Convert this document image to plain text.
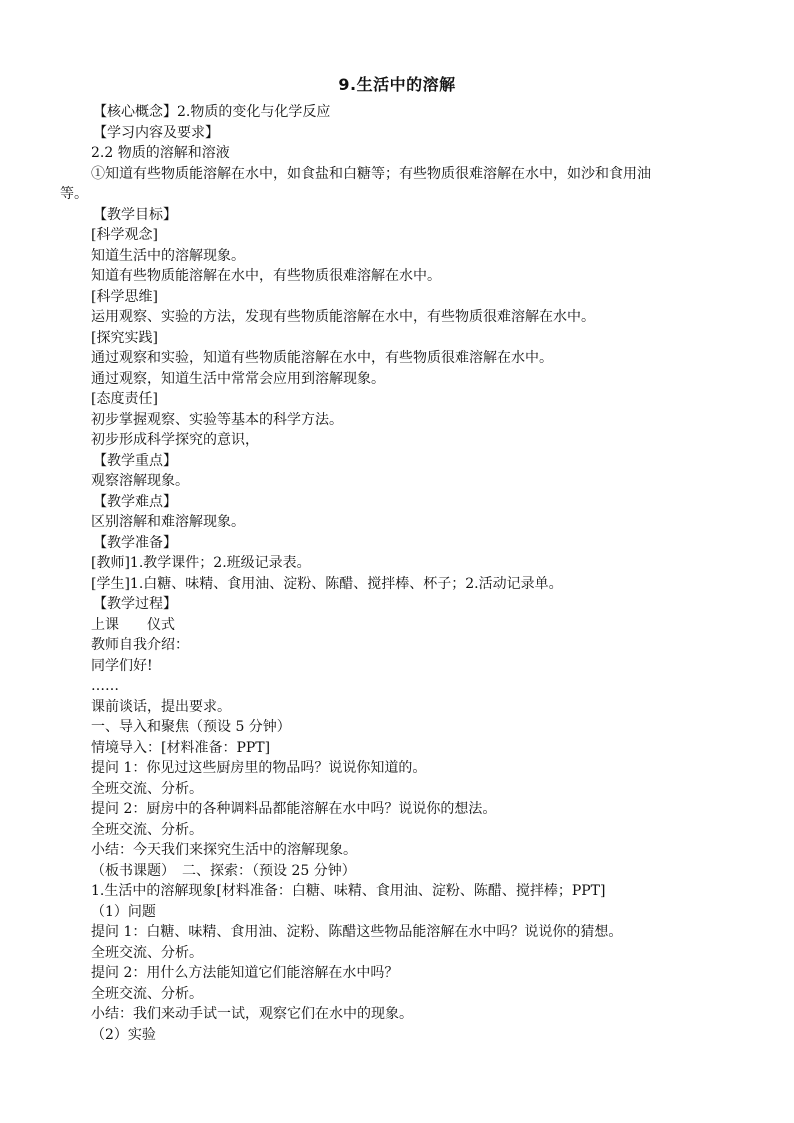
9.生活中的溶解
【核心概念】2.物质的变化与化学反应
【学习内容及要求】
2.2 物质的溶解和溶液
①知道有些物质能溶解在水中，如食盐和白糖等；有些物质很难溶解在水中，如沙和食用油
等。
【教学目标】
[科学观念]
知道生活中的溶解现象。
知道有些物质能溶解在水中，有些物质很难溶解在水中。
[科学思维]
运用观察、实验的方法，发现有些物质能溶解在水中，有些物质很难溶解在水中。
[探究实践]
通过观察和实验，知道有些物质能溶解在水中，有些物质很难溶解在水中。
通过观察，知道生活中常常会应用到溶解现象。
[态度责任]
初步掌握观察、实验等基本的科学方法。
初步形成科学探究的意识，
【教学重点】
观察溶解现象。
【教学难点】
区别溶解和难溶解现象。
【教学准备】
[教师]1.教学课件；2.班级记录表。
[学生]1.白糖、味精、食用油、淀粉、陈醋、搅拌棒、杯子；2.活动记录单。
【教学过程】
上课　　仪式
教师自我介绍：
同学们好!
……
课前谈话，提出要求。
一、导入和聚焦（预设 5 分钟）
情境导入：[材料准备：PPT]
提问 1：你见过这些厨房里的物品吗？说说你知道的。
全班交流、分析。
提问 2：厨房中的各种调料品都能溶解在水中吗？说说你的想法。
全班交流、分析。
小结：今天我们来探究生活中的溶解现象。
（板书课题）　二、探索：（预设 25 分钟）
1.生活中的溶解现象[材料准备：白糖、味精、食用油、淀粉、陈醋、搅拌棒；PPT]
（1）问题
提问 1：白糖、味精、食用油、淀粉、陈醋这些物品能溶解在水中吗？说说你的猜想。
全班交流、分析。
提问 2：用什么方法能知道它们能溶解在水中吗？
全班交流、分析。
小结：我们来动手试一试，观察它们在水中的现象。
（2）实验
